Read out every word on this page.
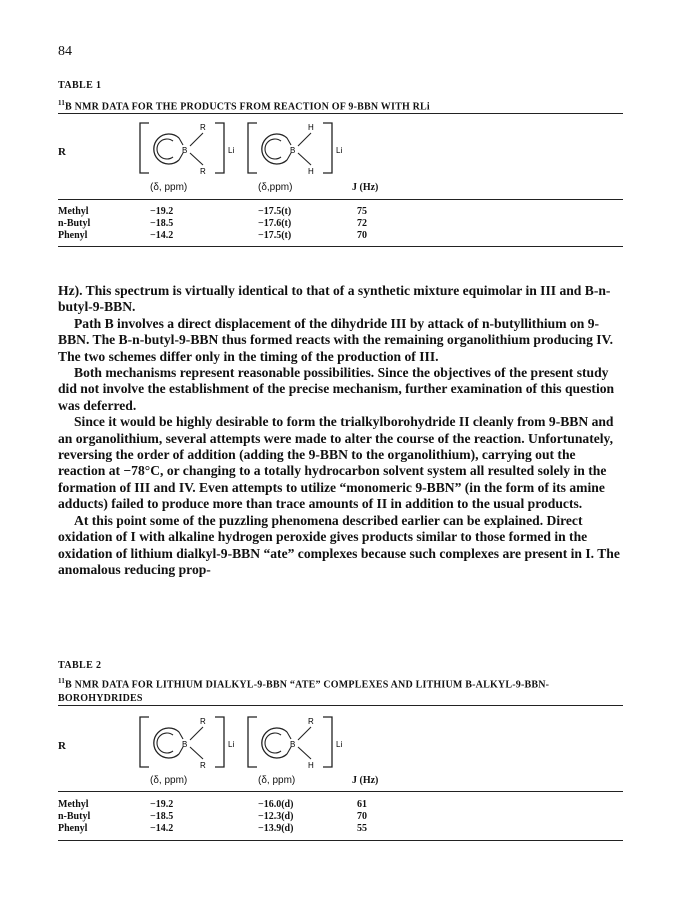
84
TABLE 1
$^{11}$B NMR DATA FOR THE PRODUCTS FROM REACTION OF 9-BBN WITH RLi
R	B
R
R
Li	B
H
H
Li
(δ, ppm)	(δ,ppm)	J (Hz)
Methyl	−19.2	−17.5(t)	75
n-Butyl	−18.5	−17.6(t)	72
Phenyl	−14.2	−17.5(t)	70

Hz). This spectrum is virtually identical to that of a synthetic mixture equimolar in III and B-n-butyl-9-BBN.

Path B involves a direct displacement of the dihydride III by attack of n-butyllithium on 9-BBN. The B-n-butyl-9-BBN thus formed reacts with the remaining organolithium producing IV. The two schemes differ only in the timing of the production of III.

Both mechanisms represent reasonable possibilities. Since the objectives of the present study did not involve the establishment of the precise mechanism, further examination of this question was deferred.

Since it would be highly desirable to form the trialkylborohydride II cleanly from 9-BBN and an organolithium, several attempts were made to alter the course of the reaction. Unfortunately, reversing the order of addition (adding the 9-BBN to the organolithium), carrying out the reaction at −78°C, or changing to a totally hydrocarbon solvent system all resulted solely in the formation of III and IV. Even attempts to utilize “monomeric 9-BBN” (in the form of its amine adducts) failed to produce more than trace amounts of II in addition to the usual products.

At this point some of the puzzling phenomena described earlier can be explained. Direct oxidation of I with alkaline hydrogen peroxide gives products similar to those formed in the oxidation of lithium dialkyl-9-BBN “ate” complexes because such complexes are present in I. The anomalous reducing prop-

TABLE 2
$^{11}$B NMR DATA FOR LITHIUM DIALKYL-9-BBN “ATE” COMPLEXES AND LITHIUM B-ALKYL-9-BBN-BOROHYDRIDES
R	B
R
R
Li	B
R
H
Li
(δ, ppm)	(δ, ppm)	J (Hz)
Methyl	−19.2	−16.0(d)	61
n-Butyl	−18.5	−12.3(d)	70
Phenyl	−14.2	−13.9(d)	55
